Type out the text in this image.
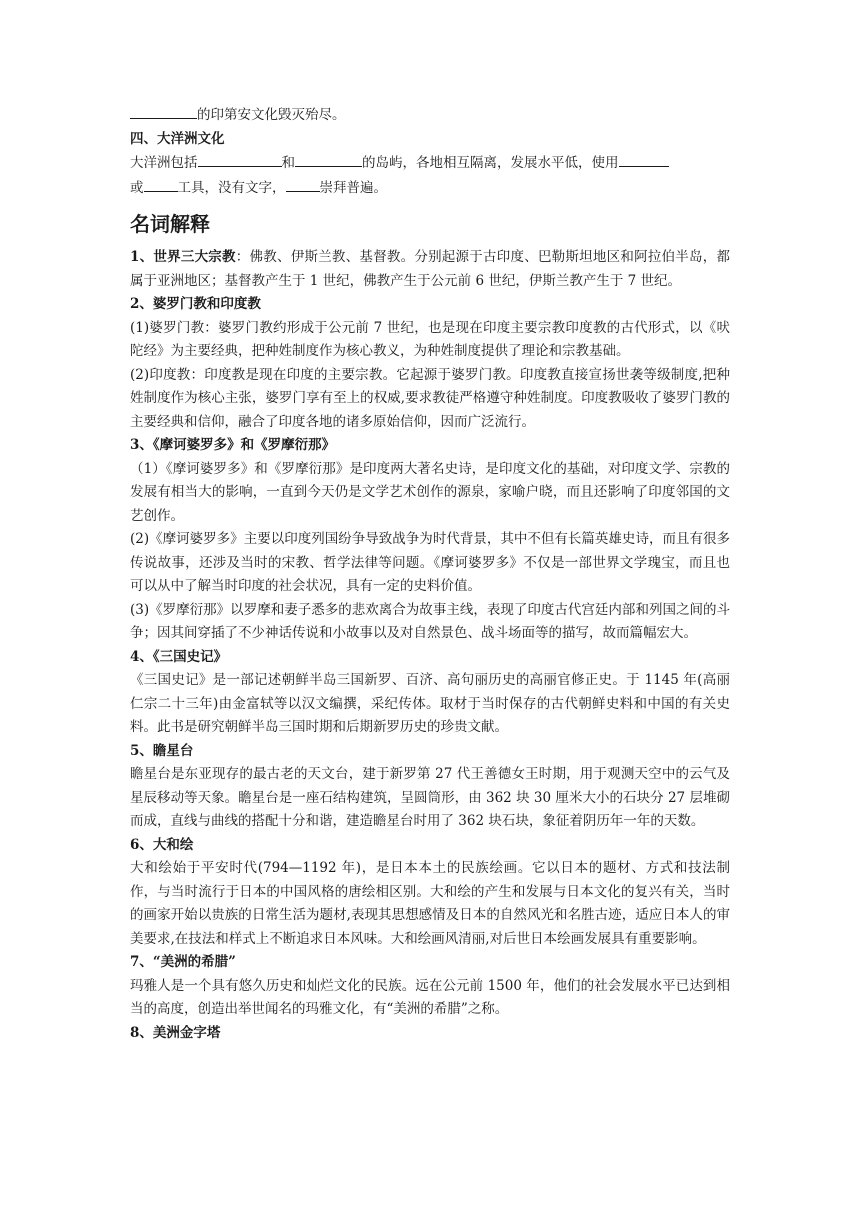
的印第安文化毁灭殆尽。

四、大洋洲文化

大洋洲包括	和	的岛屿，各地相互隔离，发展水平低，使用
或	工具，没有文字，	崇拜普遍。

名词解释

1、世界三大宗教：佛教、伊斯兰教、基督教。分别起源于古印度、巴勒斯坦地区和阿拉伯半岛，都属于亚洲地区；基督教产生于 1 世纪，佛教产生于公元前 6 世纪，伊斯兰教产生于 7 世纪。

2、婆罗门教和印度教

(1)婆罗门教：婆罗门教约形成于公元前 7 世纪，也是现在印度主要宗教印度教的古代形式，以《吠陀经》为主要经典，把种姓制度作为核心教义，为种姓制度提供了理论和宗教基础。

(2)印度教：印度教是现在印度的主要宗教。它起源于婆罗门教。印度教直接宣扬世袭等级制度,把种姓制度作为核心主张，婆罗门享有至上的权威,要求教徒严格遵守种姓制度。印度教吸收了婆罗门教的主要经典和信仰，融合了印度各地的诸多原始信仰，因而广泛流行。

3、《摩诃婆罗多》和《罗摩衍那》

（1）《摩诃婆罗多》和《罗摩衍那》是印度两大著名史诗，是印度文化的基础，对印度文学、宗教的发展有相当大的影响，一直到今天仍是文学艺术创作的源泉，家喻户晓，而且还影响了印度邻国的文艺创作。

(2)《摩诃婆罗多》主要以印度列国纷争导致战争为时代背景，其中不但有长篇英雄史诗，而且有很多传说故事，还涉及当时的宋教、哲学法律等问题。《摩诃婆罗多》不仅是一部世界文学瑰宝，而且也可以从中了解当时印度的社会状况，具有一定的史料价值。

(3)《罗摩衍那》以罗摩和妻子悉多的悲欢离合为故事主线，表现了印度古代宫廷内部和列国之间的斗争；因其间穿插了不少神话传说和小故事以及对自然景色、战斗场面等的描写，故而篇幅宏大。

4、《三国史记》

《三国史记》是一部记述朝鲜半岛三国新罗、百济、高句丽历史的高丽官修正史。于 1145 年(高丽仁宗二十三年)由金富轼等以汉文编撰，采纪传体。取材于当时保存的古代朝鲜史料和中国的有关史料。此书是研究朝鲜半岛三国时期和后期新罗历史的珍贵文献。

5、瞻星台

瞻星台是东亚现存的最古老的天文台，建于新罗第 27 代王善德女王时期，用于观测天空中的云气及星辰移动等天象。瞻星台是一座石结构建筑，呈圆筒形，由 362 块 30 厘米大小的石块分 27 层堆砌而成，直线与曲线的搭配十分和谐，建造瞻星台时用了 362 块石块，象征着阴历年一年的天数。

6、大和绘

大和绘始于平安时代(794—1192 年)，是日本本土的民族绘画。它以日本的题材、方式和技法制作，与当时流行于日本的中国风格的唐绘相区别。大和绘的产生和发展与日本文化的复兴有关，当时的画家开始以贵族的日常生活为题材,表现其思想感情及日本的自然风光和名胜古迹，适应日本人的审美要求,在技法和样式上不断追求日本风味。大和绘画风清丽,对后世日本绘画发展具有重要影响。

7、“美洲的希腊”

玛雅人是一个具有悠久历史和灿烂文化的民族。远在公元前 1500 年，他们的社会发展水平已达到相当的高度，创造出举世闻名的玛雅文化，有“美洲的希腊”之称。

8、美洲金字塔
